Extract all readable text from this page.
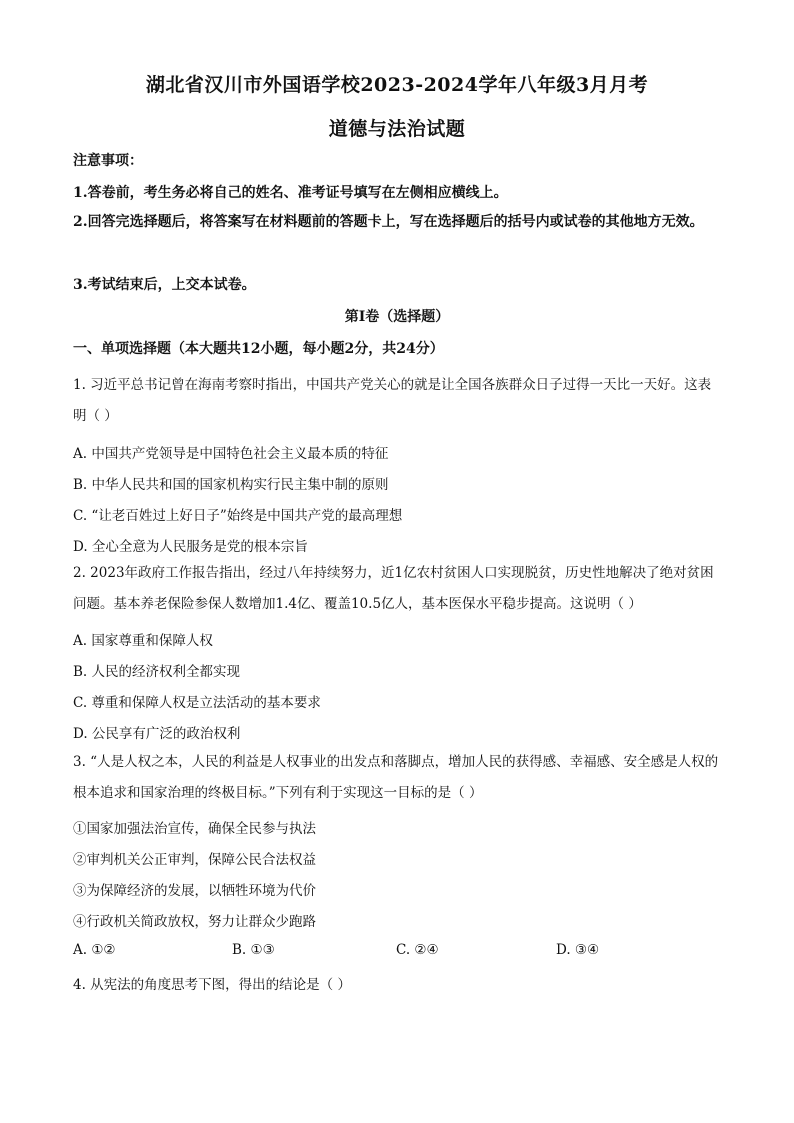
湖北省汉川市外国语学校2023-2024学年八年级3月月考
道德与法治试题
注意事项：
1.答卷前，考生务必将自己的姓名、准考证号填写在左侧相应横线上。
2.回答完选择题后，将答案写在材料题前的答题卡上，写在选择题后的括号内或试卷的其他地方无效。
3.考试结束后，上交本试卷。
第Ⅰ卷（选择题）
一、单项选择题（本大题共12小题，每小题2分，共24分）
1. 习近平总书记曾在海南考察时指出，中国共产党关心的就是让全国各族群众日子过得一天比一天好。这表明（ ）
A. 中国共产党领导是中国特色社会主义最本质的特征
B. 中华人民共和国的国家机构实行民主集中制的原则
C. “让老百姓过上好日子”始终是中国共产党的最高理想
D. 全心全意为人民服务是党的根本宗旨
2. 2023年政府工作报告指出，经过八年持续努力，近1亿农村贫困人口实现脱贫，历史性地解决了绝对贫困问题。基本养老保险参保人数增加1.4亿、覆盖10.5亿人，基本医保水平稳步提高。这说明（ ）
A. 国家尊重和保障人权
B. 人民的经济权利全都实现
C. 尊重和保障人权是立法活动的基本要求
D. 公民享有广泛的政治权利
3. “人是人权之本，人民的利益是人权事业的出发点和落脚点，增加人民的获得感、幸福感、安全感是人权的根本追求和国家治理的终极目标。”下列有利于实现这一目标的是（ ）
①国家加强法治宣传，确保全民参与执法
②审判机关公正审判，保障公民合法权益
③为保障经济的发展，以牺牲环境为代价
④行政机关简政放权，努力让群众少跑路
A. ①②	B. ①③	C. ②④	D. ③④
4. 从宪法的角度思考下图，得出的结论是（ ）
